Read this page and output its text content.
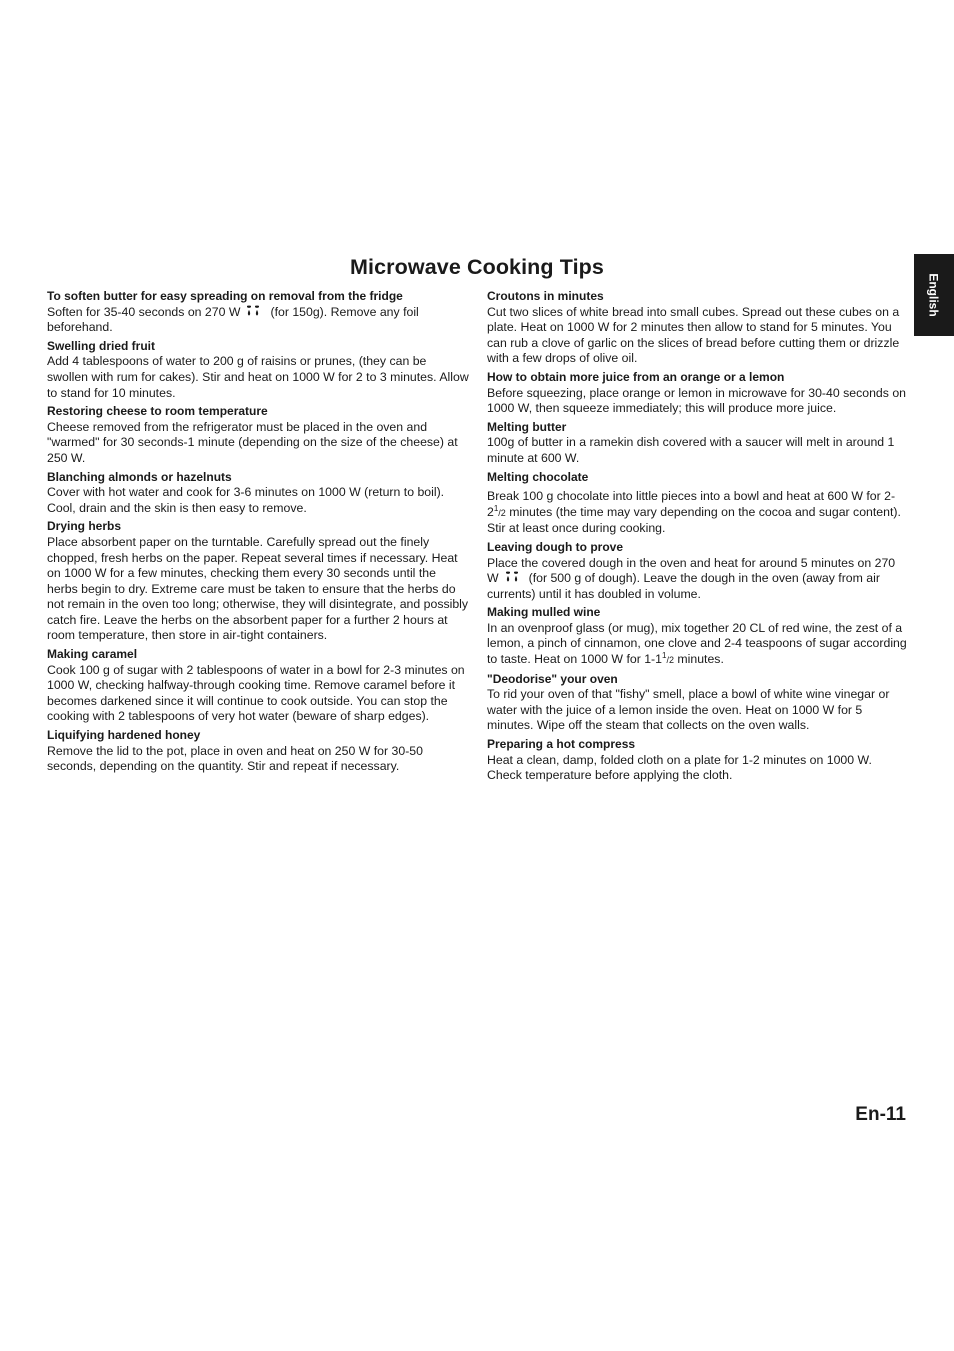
Microwave Cooking Tips
English
To soften butter for easy spreading on removal from the fridge
Soften for 35-40 seconds on 270 W (for 150g). Remove any foil beforehand.
Swelling dried fruit
Add 4 tablespoons of water to 200 g of raisins or prunes, (they can be swollen with rum for cakes). Stir and heat on 1000 W for 2 to 3 minutes. Allow to stand for 10 minutes.
Restoring cheese to room temperature
Cheese removed from the refrigerator must be placed in the oven and "warmed" for 30 seconds-1 minute (depending on the size of the cheese) at 250 W.
Blanching almonds or hazelnuts
Cover with hot water and cook for 3-6 minutes on 1000 W (return to boil). Cool, drain and the skin is then easy to remove.
Drying herbs
Place absorbent paper on the turntable. Carefully spread out the finely chopped, fresh herbs on the paper. Repeat several times if necessary. Heat on 1000 W for a few minutes, checking them every 30 seconds until the herbs begin to dry. Extreme care must be taken to ensure that the herbs do not remain in the oven too long; otherwise, they will disintegrate, and possibly catch fire. Leave the herbs on the absorbent paper for a further 2 hours at room temperature, then store in air-tight containers.
Making caramel
Cook 100 g of sugar with 2 tablespoons of water in a bowl for 2-3 minutes on 1000 W, checking halfway-through cooking time. Remove caramel before it becomes darkened since it will continue to cook outside. You can stop the cooking with 2 tablespoons of very hot water (beware of sharp edges).
Liquifying hardened honey
Remove the lid to the pot, place in oven and heat on 250 W for 30-50 seconds, depending on the quantity. Stir and repeat if necessary.
Croutons in minutes
Cut two slices of white bread into small cubes. Spread out these cubes on a plate. Heat on 1000 W for 2 minutes then allow to stand for 5 minutes. You can rub a clove of garlic on the slices of bread before cutting them or drizzle with a few drops of olive oil.
How to obtain more juice from an orange or a lemon
Before squeezing, place orange or lemon in microwave for 30-40 seconds on 1000 W, then squeeze immediately; this will produce more juice.
Melting butter
100g of butter in a ramekin dish covered with a saucer will melt in around 1 minute at 600 W.
Melting chocolate
Break 100 g chocolate into little pieces into a bowl and heat at 600 W for $2-2^1/2$ minutes (the time may vary depending on the cocoa and sugar content). Stir at least once during cooking.
Leaving dough to prove
Place the covered dough in the oven and heat for around 5 minutes on 270 W (for 500 g of dough). Leave the dough in the oven (away from air currents) until it has doubled in volume.
Making mulled wine
In an ovenproof glass (or mug), mix together 20 CL of red wine, the zest of a lemon, a pinch of cinnamon, one clove and 2-4 teaspoons of sugar according to taste. Heat on 1000 W for $1-1^1/2$ minutes.
"Deodorise" your oven
To rid your oven of that "fishy" smell, place a bowl of white wine vinegar or water with the juice of a lemon inside the oven. Heat on 1000 W for 5 minutes. Wipe off the steam that collects on the oven walls.
Preparing a hot compress
Heat a clean, damp, folded cloth on a plate for 1-2 minutes on 1000 W. Check temperature before applying the cloth.
En-11
